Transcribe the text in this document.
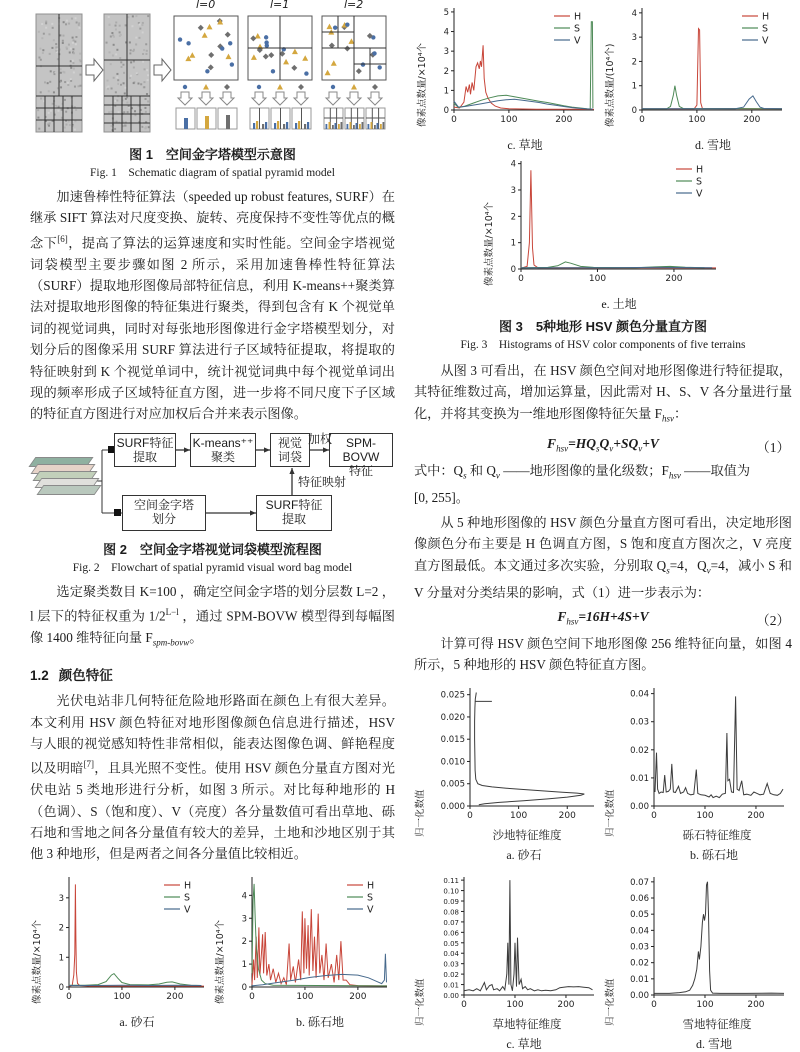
l=0	l=1	l=2
图 1　空间金字塔模型示意图
Fig. 1　Schematic diagram of spatial pyramid model

加速鲁棒性特征算法（speeded up robust features, SURF）在继承 SIFT 算法对尺度变换、旋转、亮度保持不变性等优点的概念下[6]，提高了算法的运算速度和实时性能。空间金字塔视觉词袋模型主要步骤如图 2 所示，采用加速鲁棒性特征算法（SURF）提取地形图像局部特征信息，利用 K-means++聚类算法对提取地形图像的特征集进行聚类，得到包含有 K 个视觉单词的视觉词典，同时对每张地形图像进行金字塔模型划分，对划分后的图像采用 SURF 算法进行子区域特征提取，将提取的特征映射到 K 个视觉单词中，统计视觉词典中每个视觉单词出现的频率形成子区域特征直方图，进一步将不同尺度下子区域的特征直方图进行对应加权后合并来表示图像。

SURF特征
提取
K-means⁺⁺
聚类
视觉
词袋
SPM-BOVW
特征
空间金字塔
划分
SURF特征
提取
加权
特征映射
图 2　空间金字塔视觉词袋模型流程图
Fig. 2　Flowchart of spatial pyramid visual word bag model

选定聚类数目 K=100 ，确定空间金字塔的划分层数 L=2 ，l 层下的特征权重为 $1/2^{L-l}$ ，通过 SPM-BOVW 模型得到每幅图像 1400 维特征向量 $F_{spm-bovw}$。

1.2 颜色特征

光伏电站非几何特征危险地形路面在颜色上有很大差异。本文利用 HSV 颜色特征对地形图像颜色信息进行描述，HSV 与人眼的视觉感知特性非常相似，能表达图像色调、鲜艳程度以及明暗[7]，且具光照不变性。使用 HSV 颜色分量直方图对光伏电站 5 类地形进行分析，如图 3 所示。对比每种地形的 H（色调）、S（饱和度）、V（亮度）各分量数值可看出草地、砾石地和雪地之间各分量值有较大的差异，土地和沙地区别于其他 3 种地形，但是两者之间各分量值比较相近。

像素点数量/×10⁴个	0	100	200
0
1
2
3
H
S
V
a. 砂石
像素点数量/×10⁴个	0	100	200
0
1
2
3
4
H
S
V
b. 砾石地
像素点数量/×10⁴个	0	100	200
0
1
2
3
4
5	H
S
V
c. 草地
像素点数量/(10⁴个)	0	100	200
0
1
2
3
4	H
S
V
d. 雪地
像素点数量/×10⁴个	0	100	200
0
1
2
3
4	H
S
V
e. 土地
图 3　5种地形 HSV 颜色分量直方图
Fig. 3　Histograms of HSV color components of five terrains

从图 3 可看出，在 HSV 颜色空间对地形图像进行特征提取，其特征维数过高，增加运算量，因此需对 H、S、V 各分量进行量化，并将其变换为一维地形图像特征矢量 $F_{hsv}$：

$F_{hsv}=HQ_sQ_v+SQ_v+V$	（1）

式中：$Q_s$ 和 $Q_v$ ——地形图像的量化级数；$F_{hsv}$ ——取值为
[0, 255]。

从 5 种地形图像的 HSV 颜色分量直方图可看出，决定地形图像颜色分布主要是 H 色调直方图，S 饱和度直方图次之，V 亮度直方图最低。本文通过多次实验，分别取 $Q_s=4$，$Q_v=4$，减小 S 和 V 分量对分类结果的影响，式（1）进一步表示为：

$F_{hsv}=16H+4S+V$	（2）

计算可得 HSV 颜色空间下地形图像 256 维特征向量，如图 4 所示，5 种地形的 HSV 颜色特征直方图。

归一化数值	0	100	200
0.000
0.005
0.010
0.015
0.020
0.025
沙地特征维度
a. 砂石
归一化数值	0	100	200
0.00
0.01
0.02
0.03
0.04
砾石特征维度
b. 砾石地
归一化数值	0	100	200
0.00
0.01
0.02
0.03
0.04
0.05
0.06
0.07
0.08
0.09
0.10
0.11
草地特征维度
c. 草地
归一化数值	0	100	200
0.00
0.01
0.02
0.03
0.04
0.05
0.06
0.07
雪地特征维度
d. 雪地
